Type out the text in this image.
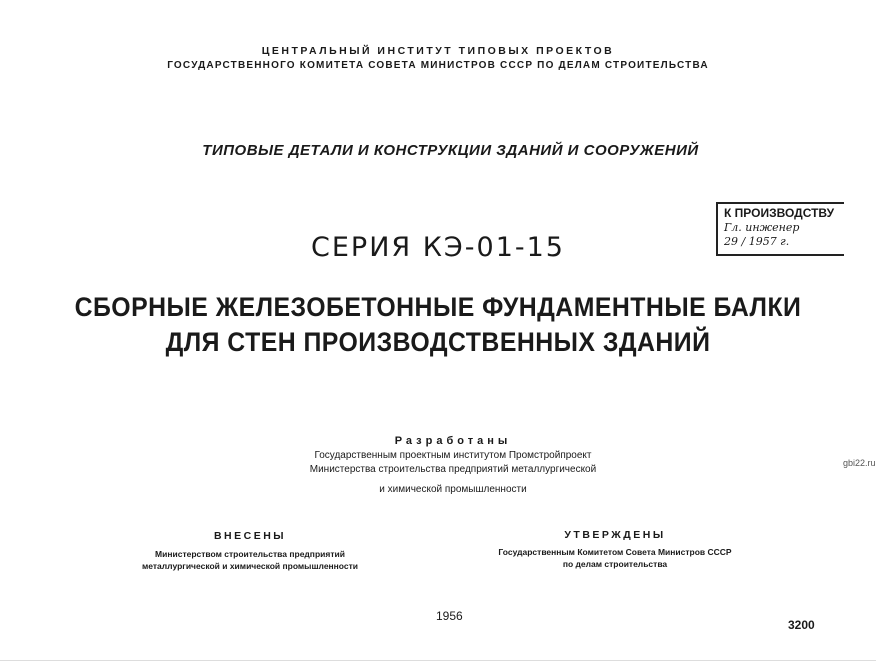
ЦЕНТРАЛЬНЫЙ ИНСТИТУТ ТИПОВЫХ ПРОЕКТОВ
ГОСУДАРСТВЕННОГО КОМИТЕТА СОВЕТА МИНИСТРОВ СССР ПО ДЕЛАМ СТРОИТЕЛЬСТВА
ТИПОВЫЕ ДЕТАЛИ И КОНСТРУКЦИИ ЗДАНИЙ И СООРУЖЕНИЙ
К ПРОИЗВОДСТВУ
Гл. инженер
29 / 1957 г.
СЕРИЯ КЭ-01-15
СБОРНЫЕ ЖЕЛЕЗОБЕТОННЫЕ ФУНДАМЕНТНЫЕ БАЛКИ
ДЛЯ СТЕН ПРОИЗВОДСТВЕННЫХ ЗДАНИЙ
Разработаны
Государственным проектным институтом Промстройпроект
Министерства строительства предприятий металлургической
и химической промышленности
gbi22.ru
ВНЕСЕНЫ
Министерством строительства предприятий
металлургической и химической промышленности
УТВЕРЖДЕНЫ
Государственным Комитетом Совета Министров СССР
по делам строительства
1956
3200
